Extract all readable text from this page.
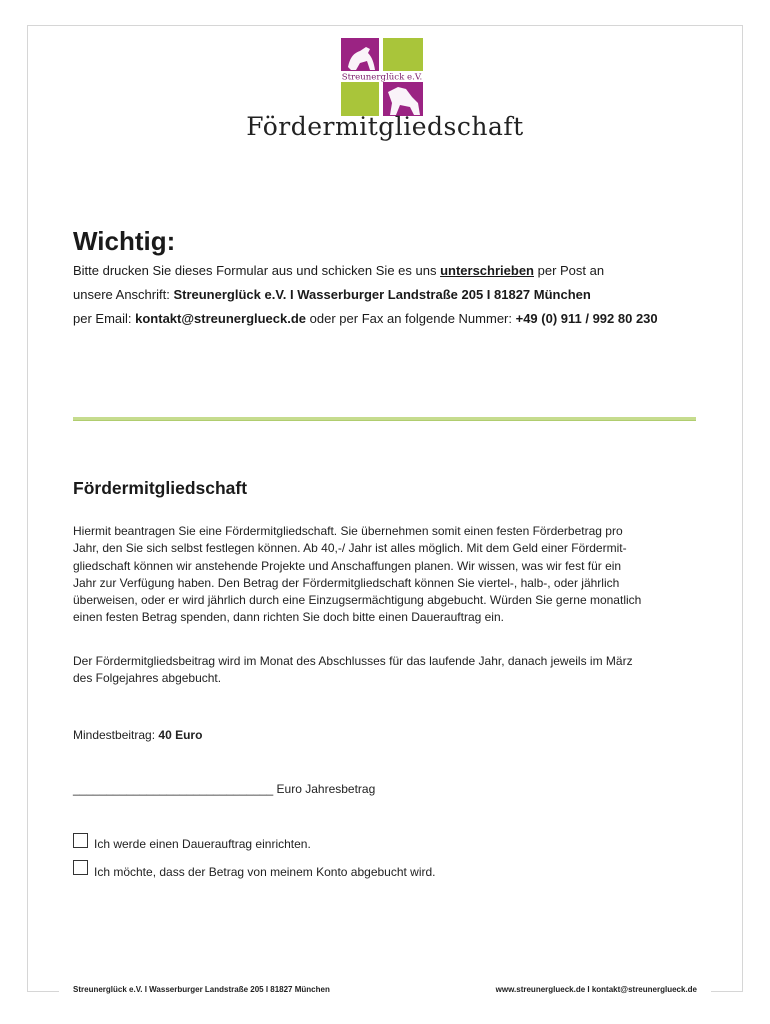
Streunerglück e.V.
Fördermitgliedschaft
Wichtig:
Bitte drucken Sie dieses Formular aus und schicken Sie es uns unterschrieben per Post an
unsere Anschrift: Streunerglück e.V. I Wasserburger Landstraße 205 I 81827 München
per Email: kontakt@streunerglueck.de oder per Fax an folgende Nummer: +49 (0) 911 / 992 80 230
Fördermitgliedschaft
Hiermit beantragen Sie eine Fördermitgliedschaft. Sie übernehmen somit einen festen Förderbetrag pro
Jahr, den Sie sich selbst festlegen können. Ab 40,-/ Jahr ist alles möglich. Mit dem Geld einer Fördermit-
gliedschaft können wir anstehende Projekte und Anschaffungen planen. Wir wissen, was wir fest für ein
Jahr zur Verfügung haben. Den Betrag der Fördermitgliedschaft können Sie viertel-, halb-, oder jährlich
überweisen, oder er wird jährlich durch eine Einzugsermächtigung abgebucht. Würden Sie gerne monatlich
einen festen Betrag spenden, dann richten Sie doch bitte einen Dauerauftrag ein.
Der Fördermitgliedsbeitrag wird im Monat des Abschlusses für das laufende Jahr, danach jeweils im März
des Folgejahres abgebucht.
Mindestbeitrag: 40 Euro
______________________________ Euro Jahresbetrag
Ich werde einen Dauerauftrag einrichten.
Ich möchte, dass der Betrag von meinem Konto abgebucht wird.
Streunerglück e.V. I Wasserburger Landstraße 205 I 81827 München	www.streunerglueck.de I kontakt@streunerglueck.de
